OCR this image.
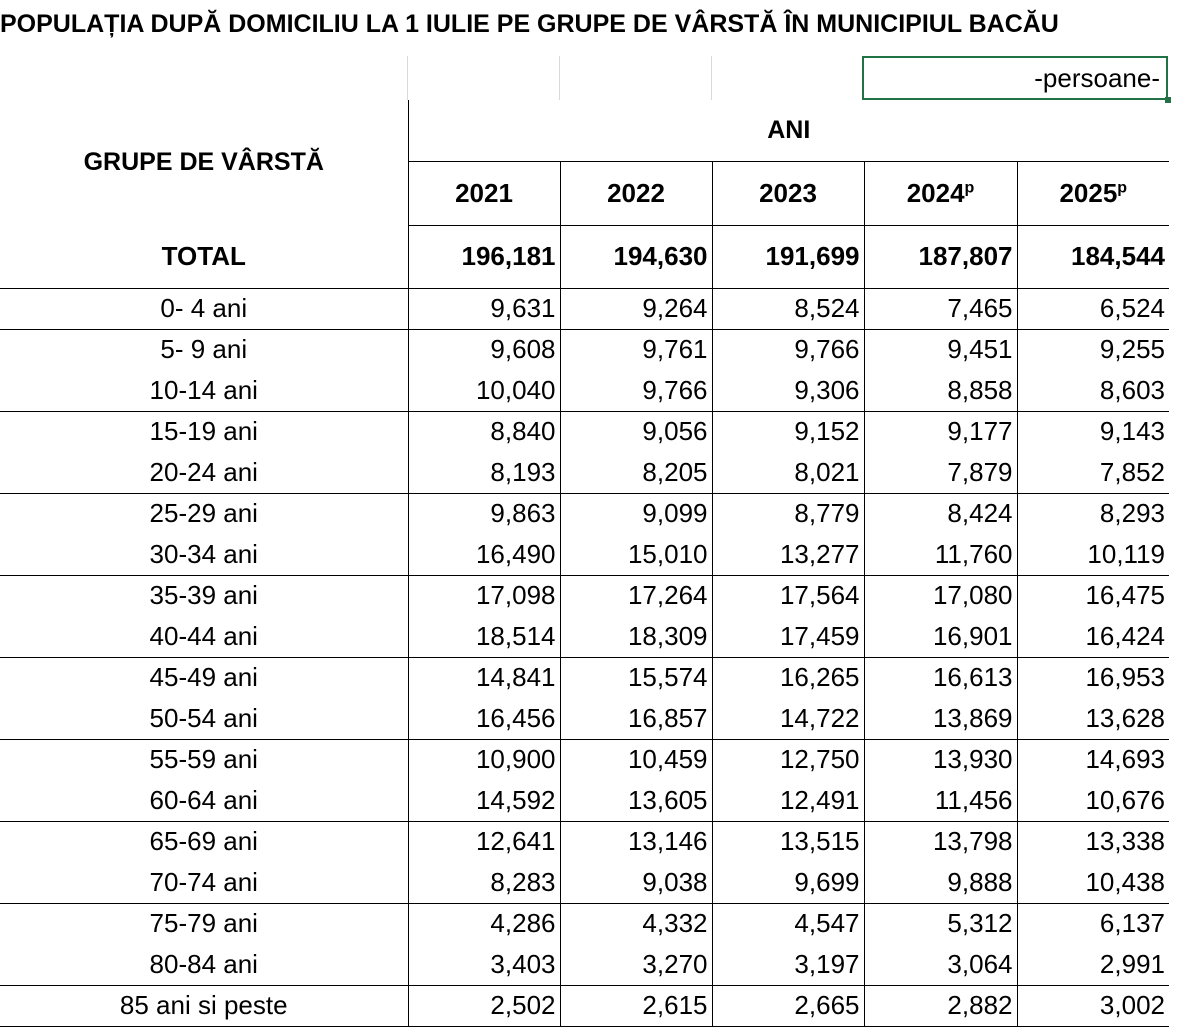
POPULAȚIA DUPĂ DOMICILIU LA 1 IULIE PE GRUPE DE VÂRSTĂ ÎN MUNICIPIUL BACĂU
-persoane-
GRUPE DE VÂRSTĂ	ANI				
	2021	2022	2023	2024$^p$	2025$^p$
TOTAL	196,181	194,630	191,699	187,807	184,544
0- 4 ani	9,631	9,264	8,524	7,465	6,524
5- 9 ani	9,608	9,761	9,766	9,451	9,255
10-14 ani	10,040	9,766	9,306	8,858	8,603
15-19 ani	8,840	9,056	9,152	9,177	9,143
20-24 ani	8,193	8,205	8,021	7,879	7,852
25-29 ani	9,863	9,099	8,779	8,424	8,293
30-34 ani	16,490	15,010	13,277	11,760	10,119
35-39 ani	17,098	17,264	17,564	17,080	16,475
40-44 ani	18,514	18,309	17,459	16,901	16,424
45-49 ani	14,841	15,574	16,265	16,613	16,953
50-54 ani	16,456	16,857	14,722	13,869	13,628
55-59 ani	10,900	10,459	12,750	13,930	14,693
60-64 ani	14,592	13,605	12,491	11,456	10,676
65-69 ani	12,641	13,146	13,515	13,798	13,338
70-74 ani	8,283	9,038	9,699	9,888	10,438
75-79 ani	4,286	4,332	4,547	5,312	6,137
80-84 ani	3,403	3,270	3,197	3,064	2,991
85 ani si peste	2,502	2,615	2,665	2,882	3,002
